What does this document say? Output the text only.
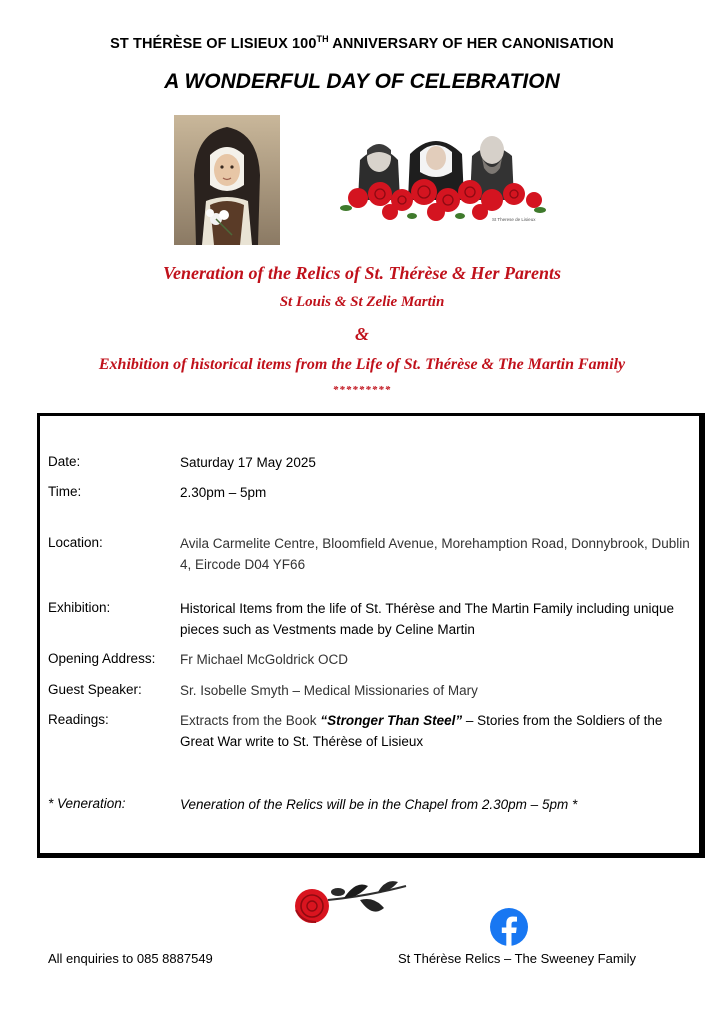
ST THÉRÈSE OF LISIEUX 100TH ANNIVERSARY OF HER CANONISATION
A WONDERFUL DAY OF CELEBRATION
St Therese de Lisieux
Veneration of the Relics of St. Thérèse & Her Parents
St Louis & St Zelie Martin
&
Exhibition of historical items from the Life of St. Thérèse & The Martin Family
*********
Date:	Saturday 17 May 2025
Time:	2.30pm – 5pm
Location:	Avila Carmelite Centre, Bloomfield Avenue, Morehamption Road, Donnybrook, Dublin 4, Eircode D04 YF66
Exhibition:	Historical Items from the life of St. Thérèse and The Martin Family including unique pieces such as Vestments made by Celine Martin
Opening Address: Fr Michael McGoldrick OCD
Guest Speaker:	Sr. Isobelle Smyth – Medical Missionaries of Mary
Readings:	Extracts from the Book “Stronger Than Steel” – Stories from the Soldiers of the Great War write to St. Thérèse of Lisieux
* Veneration:	Veneration of the Relics will be in the Chapel from 2.30pm – 5pm *
All enquiries to 085 8887549	St Thérèse Relics – The Sweeney Family
